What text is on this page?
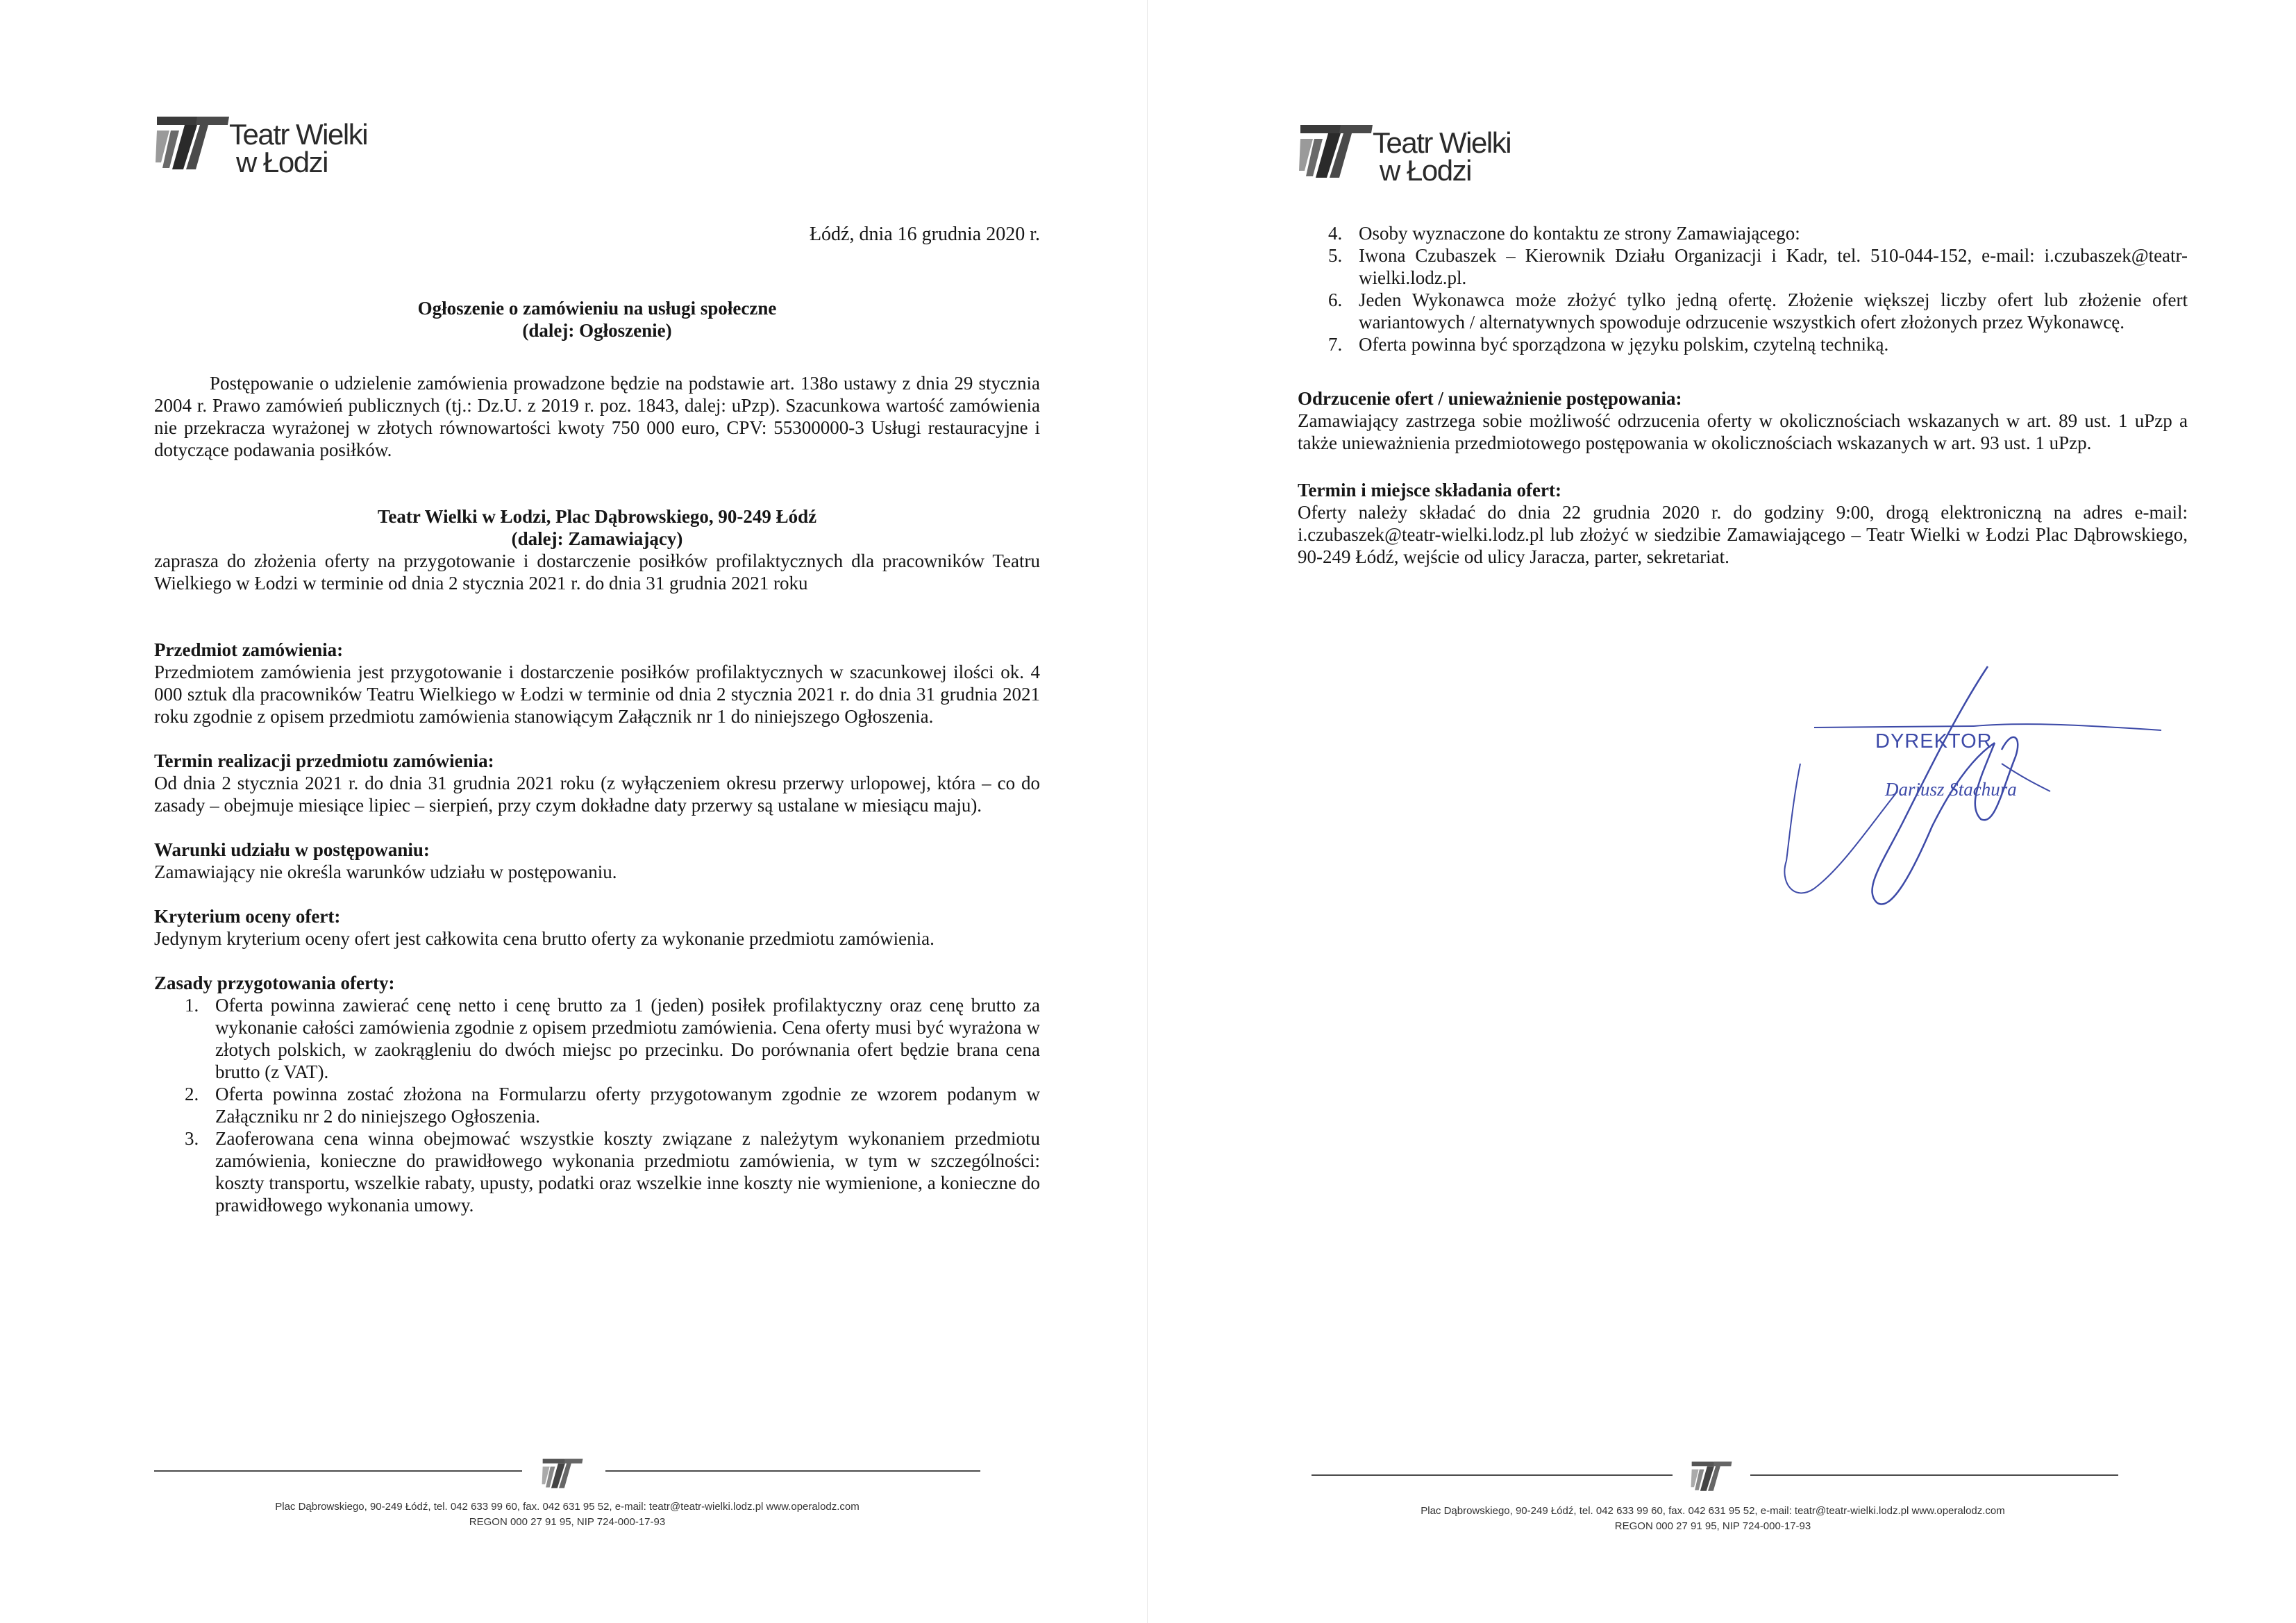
Teatr Wielki
w Łodzi
Łódź, dnia 16 grudnia 2020 r.
Ogłoszenie o zamówieniu na usługi społeczne
(dalej: Ogłoszenie)

Postępowanie o udzielenie zamówienia prowadzone będzie na podstawie art. 138o ustawy z dnia 29 stycznia 2004 r. Prawo zamówień publicznych (tj.: Dz.U. z 2019 r. poz. 1843, dalej: uPzp). Szacunkowa wartość zamówienia nie przekracza wyrażonej w złotych równowartości kwoty 750 000 euro, CPV: 55300000-3 Usługi restauracyjne i dotyczące podawania posiłków.

Teatr Wielki w Łodzi, Plac Dąbrowskiego, 90-249 Łódź
(dalej: Zamawiający)

zaprasza do złożenia oferty na przygotowanie i dostarczenie posiłków profilaktycznych dla pracowników Teatru Wielkiego w Łodzi w terminie od dnia 2 stycznia 2021 r. do dnia 31 grudnia 2021 roku

Przedmiot zamówienia:

Przedmiotem zamówienia jest przygotowanie i dostarczenie posiłków profilaktycznych w szacunkowej ilości ok. 4 000 sztuk dla pracowników Teatru Wielkiego w Łodzi w terminie od dnia 2 stycznia 2021 r. do dnia 31 grudnia 2021 roku zgodnie z opisem przedmiotu zamówienia stanowiącym Załącznik nr 1 do niniejszego Ogłoszenia.

Termin realizacji przedmiotu zamówienia:

Od dnia 2 stycznia 2021 r. do dnia 31 grudnia 2021 roku (z wyłączeniem okresu przerwy urlopowej, która – co do zasady – obejmuje miesiące lipiec – sierpień, przy czym dokładne daty przerwy są ustalane w miesiącu maju).

Warunki udziału w postępowaniu:

Zamawiający nie określa warunków udziału w postępowaniu.

Kryterium oceny ofert:

Jedynym kryterium oceny ofert jest całkowita cena brutto oferty za wykonanie przedmiotu zamówienia.

Zasady przygotowania oferty:
1. Oferta powinna zawierać cenę netto i cenę brutto za 1 (jeden) posiłek profilaktyczny oraz cenę brutto za wykonanie całości zamówienia zgodnie z opisem przedmiotu zamówienia. Cena oferty musi być wyrażona w złotych polskich, w zaokrągleniu do dwóch miejsc po przecinku. Do porównania ofert będzie brana cena brutto (z VAT).
2. Oferta powinna zostać złożona na Formularzu oferty przygotowanym zgodnie ze wzorem podanym w Załączniku nr 2 do niniejszego Ogłoszenia.
3. Zaoferowana cena winna obejmować wszystkie koszty związane z należytym wykonaniem przedmiotu zamówienia, konieczne do prawidłowego wykonania przedmiotu zamówienia, w tym w szczególności: koszty transportu, wszelkie rabaty, upusty, podatki oraz wszelkie inne koszty nie wymienione, a konieczne do prawidłowego wykonania umowy.
Plac Dąbrowskiego, 90-249 Łódź, tel. 042 633 99 60, fax. 042 631 95 52, e-mail: teatr@teatr-wielki.lodz.pl www.operalodz.com
REGON 000 27 91 95, NIP 724-000-17-93
Teatr Wielki
w Łodzi
4. Osoby wyznaczone do kontaktu ze strony Zamawiającego:
5. Iwona Czubaszek – Kierownik Działu Organizacji i Kadr, tel. 510-044-152, e-mail: i.czubaszek@teatr-wielki.lodz.pl.
6. Jeden Wykonawca może złożyć tylko jedną ofertę. Złożenie większej liczby ofert lub złożenie ofert wariantowych / alternatywnych spowoduje odrzucenie wszystkich ofert złożonych przez Wykonawcę.
7. Oferta powinna być sporządzona w języku polskim, czytelną techniką.
Odrzucenie ofert / unieważnienie postępowania:

Zamawiający zastrzega sobie możliwość odrzucenia oferty w okolicznościach wskazanych w art. 89 ust. 1 uPzp a także unieważnienia przedmiotowego postępowania w okolicznościach wskazanych w art. 93 ust. 1 uPzp.

Termin i miejsce składania ofert:

Oferty należy składać do dnia 22 grudnia 2020 r. do godziny 9:00, drogą elektroniczną na adres e-mail: i.czubaszek@teatr-wielki.lodz.pl lub złożyć w siedzibie Zamawiającego – Teatr Wielki w Łodzi Plac Dąbrowskiego, 90-249 Łódź, wejście od ulicy Jaracza, parter, sekretariat.

DYREKTOR
Dariusz Stachura
Plac Dąbrowskiego, 90-249 Łódź, tel. 042 633 99 60, fax. 042 631 95 52, e-mail: teatr@teatr-wielki.lodz.pl www.operalodz.com
REGON 000 27 91 95, NIP 724-000-17-93
